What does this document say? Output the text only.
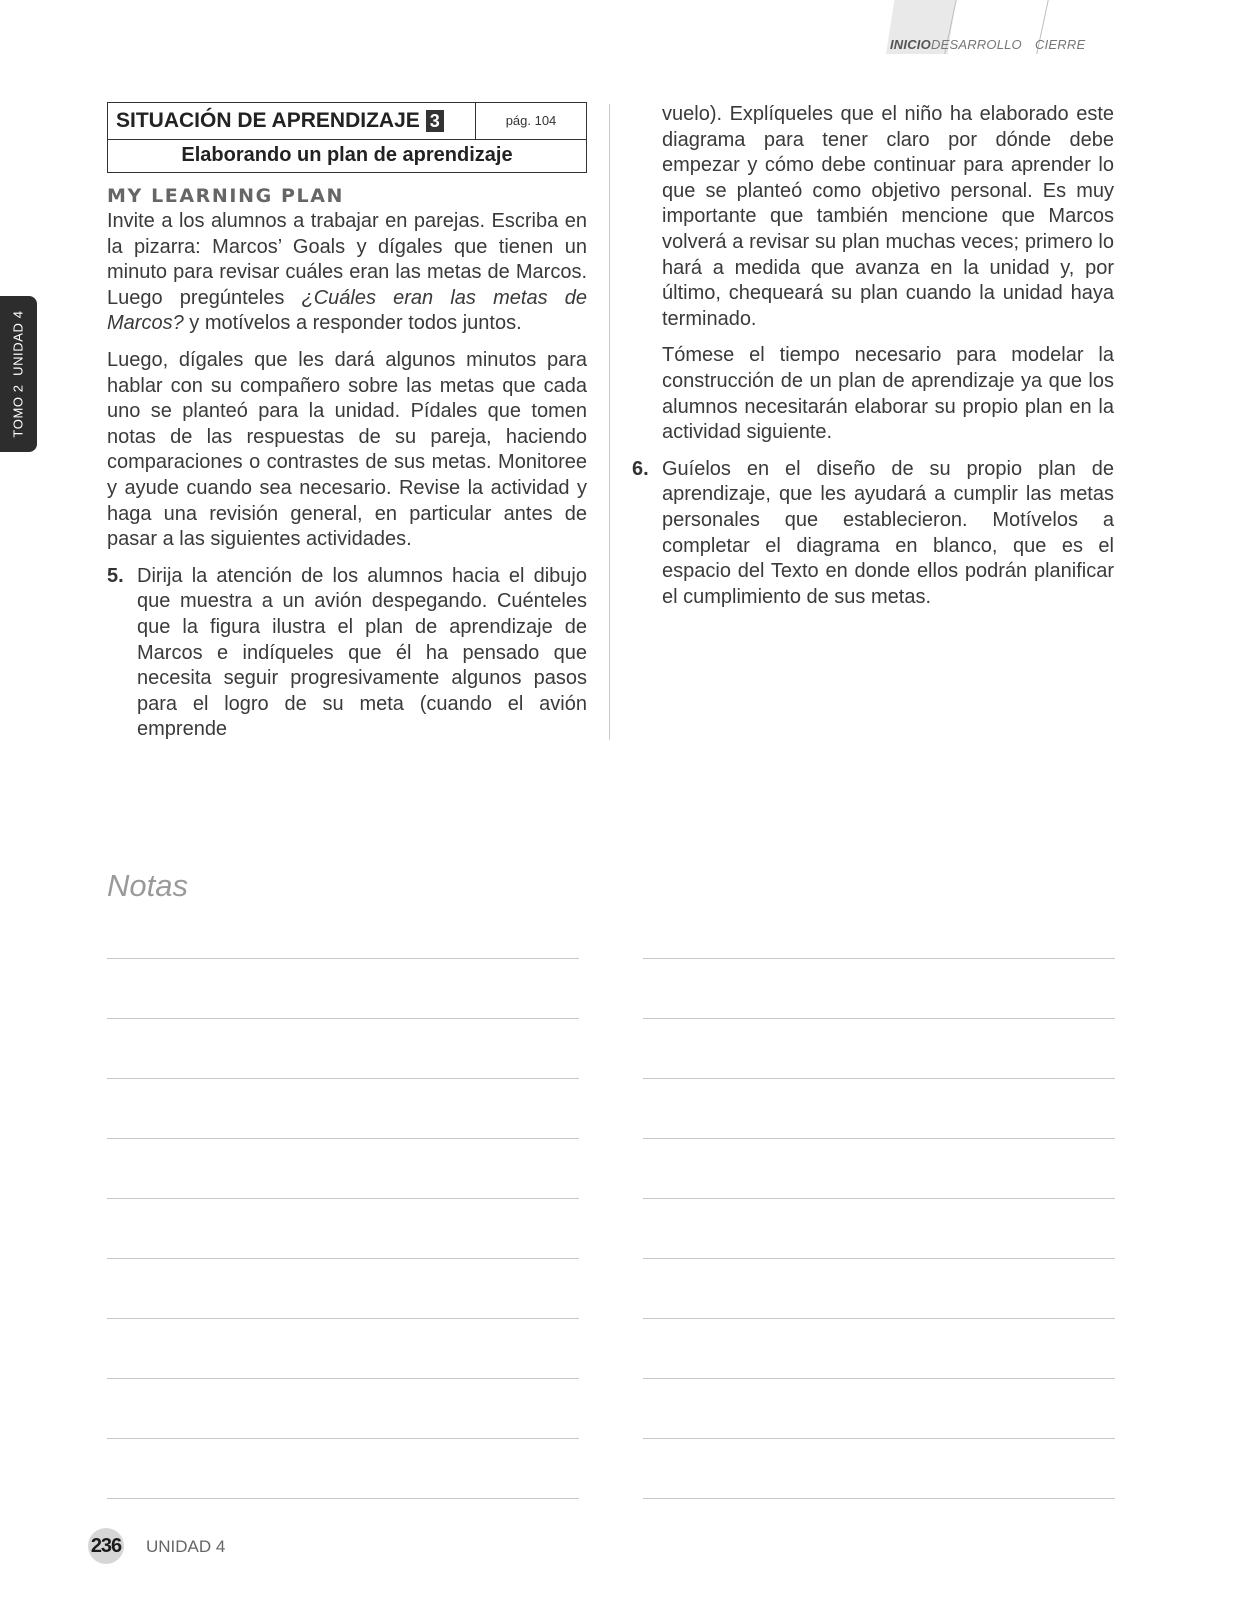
INICIO DESARROLLO CIERRE
TOMO 2  UNIDAD 4
SITUACIÓN DE APRENDIZAJE 3	pág. 104
Elaborando un plan de aprendizaje
MY LEARNING PLAN

Invite a los alumnos a trabajar en parejas. Escriba en la pizarra: Marcos’ Goals y dígales que tienen un minuto para revisar cuáles eran las metas de Marcos. Luego pregúnteles ¿Cuáles eran las metas de Marcos? y motívelos a responder todos juntos.

Luego, dígales que les dará algunos minutos para hablar con su compañero sobre las metas que cada uno se planteó para la unidad. Pídales que tomen notas de las respuestas de su pareja, haciendo comparaciones o contrastes de sus metas. Monitoree y ayude cuando sea necesario. Revise la actividad y haga una revisión general, en particular antes de pasar a las siguientes actividades.

5. Dirija la atención de los alumnos hacia el dibujo que muestra a un avión despegando. Cuénteles que la figura ilustra el plan de aprendizaje de Marcos e indíqueles que él ha pensado que necesita seguir progresivamente algunos pasos para el logro de su meta (cuando el avión emprende

vuelo). Explíqueles que el niño ha elaborado este diagrama para tener claro por dónde debe empezar y cómo debe continuar para aprender lo que se planteó como objetivo personal. Es muy importante que también mencione que Marcos volverá a revisar su plan muchas veces; primero lo hará a medida que avanza en la unidad y, por último, chequeará su plan cuando la unidad haya terminado.

Tómese el tiempo necesario para modelar la construcción de un plan de aprendizaje ya que los alumnos necesitarán elaborar su propio plan en la actividad siguiente.

6. Guíelos en el diseño de su propio plan de aprendizaje, que les ayudará a cumplir las metas personales que establecieron. Motívelos a completar el diagrama en blanco, que es el espacio del Texto en donde ellos podrán planificar el cumplimiento de sus metas.
Notas
236 UNIDAD 4
